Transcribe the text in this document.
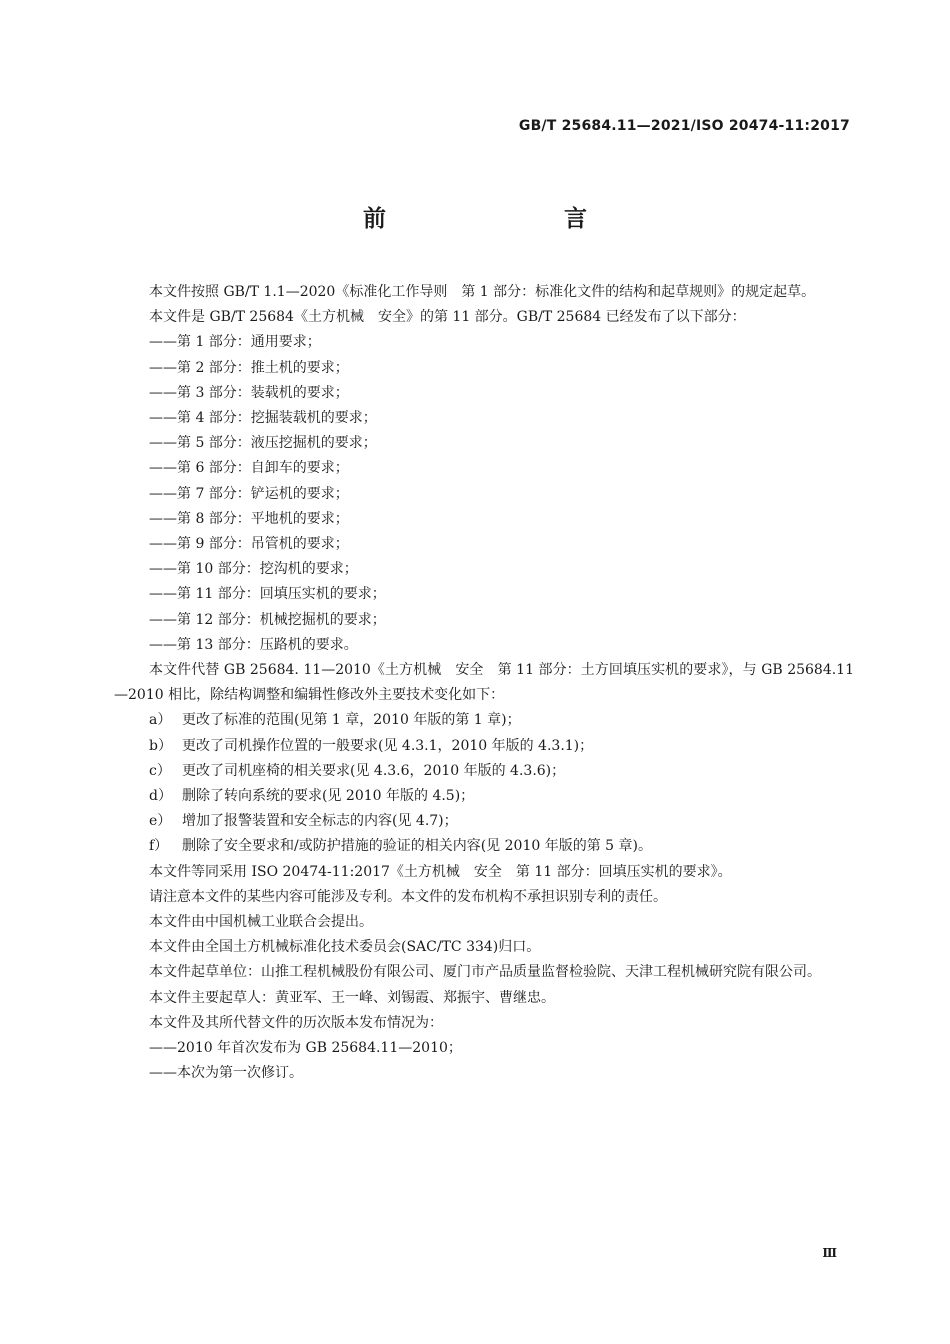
GB/T 25684.11—2021/ISO 20474-11:2017
前　　言

本文件按照 GB/T 1.1—2020《标准化工作导则　第 1 部分：标准化文件的结构和起草规则》的规定起草。

本文件是 GB/T 25684《土方机械　安全》的第 11 部分。GB/T 25684 已经发布了以下部分：

——第 1 部分：通用要求；

——第 2 部分：推土机的要求；

——第 3 部分：装载机的要求；

——第 4 部分：挖掘装载机的要求；

——第 5 部分：液压挖掘机的要求；

——第 6 部分：自卸车的要求；

——第 7 部分：铲运机的要求；

——第 8 部分：平地机的要求；

——第 9 部分：吊管机的要求；

——第 10 部分：挖沟机的要求；

——第 11 部分：回填压实机的要求；

——第 12 部分：机械挖掘机的要求；

——第 13 部分：压路机的要求。

本文件代替 GB 25684. 11—2010《土方机械　安全　第 11 部分：土方回填压实机的要求》，与 GB 25684.11—2010 相比，除结构调整和编辑性修改外主要技术变化如下：

a） 更改了标准的范围(见第 1 章，2010 年版的第 1 章)；

b） 更改了司机操作位置的一般要求(见 4.3.1，2010 年版的 4.3.1)；

c） 更改了司机座椅的相关要求(见 4.3.6，2010 年版的 4.3.6)；

d） 删除了转向系统的要求(见 2010 年版的 4.5)；

e） 增加了报警装置和安全标志的内容(见 4.7)；

f） 删除了安全要求和/或防护措施的验证的相关内容(见 2010 年版的第 5 章)。

本文件等同采用 ISO 20474-11:2017《土方机械　安全　第 11 部分：回填压实机的要求》。

请注意本文件的某些内容可能涉及专利。本文件的发布机构不承担识别专利的责任。

本文件由中国机械工业联合会提出。

本文件由全国土方机械标准化技术委员会(SAC/TC 334)归口。

本文件起草单位：山推工程机械股份有限公司、厦门市产品质量监督检验院、天津工程机械研究院有限公司。

本文件主要起草人：黄亚军、王一峰、刘锡霞、郑振宇、曹继忠。

本文件及其所代替文件的历次版本发布情况为：

——2010 年首次发布为 GB 25684.11—2010；

——本次为第一次修订。

Ⅲ
